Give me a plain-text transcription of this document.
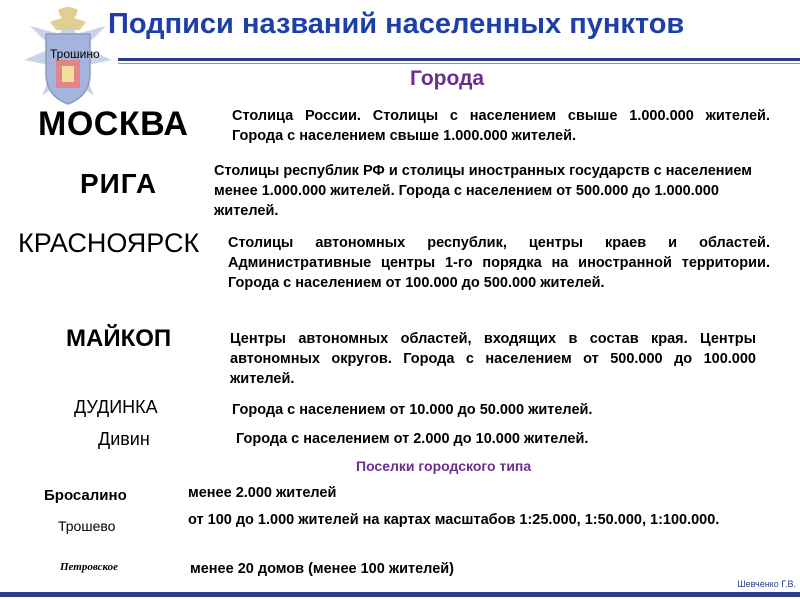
Трошино
Подписи названий населенных пунктов
Города
МОСКВА	Столица России. Столицы с населением свыше 1.000.000 жителей. Города с населением свыше 1.000.000 жителей.
РИГА	Столицы республик РФ и столицы иностранных государств с населением менее 1.000.000 жителей. Города с населением от 500.000 до 1.000.000 жителей.
КРАСНОЯРСК Столицы автономных республик, центры краев и областей. Административные центры 1-го порядка на иностранной территории. Города с населением от 100.000 до 500.000 жителей.
МАЙКОП	Центры автономных областей, входящих в состав края. Центры автономных округов. Города с населением от 500.000 до 100.000 жителей.
ДУДИНКА	Города с населением от 10.000 до 50.000 жителей.
Дивин	Города с населением от 2.000 до 10.000 жителей.
Поселки городского типа
Бросалино	менее 2.000 жителей
Трошево	от 100 до 1.000 жителей на картах масштабов 1:25.000, 1:50.000, 1:100.000.
Петровское	менее 20 домов (менее 100 жителей)
Шевченко Г.В.
